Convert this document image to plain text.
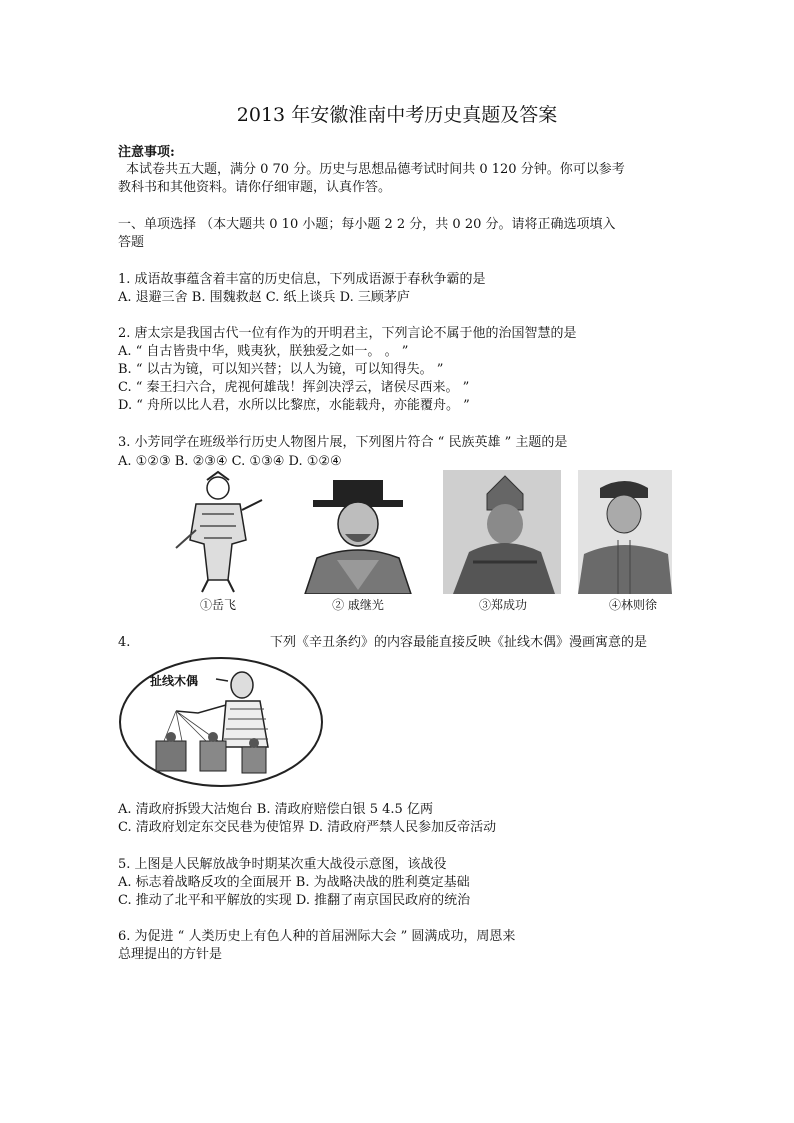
2013 年安徽淮南中考历史真题及答案
注意事项:
本试卷共五大题，满分 0 70 分。历史与思想品德考试时间共 0 120 分钟。你可以参考
教科书和其他资料。请你仔细审题，认真作答。
一、单项选择 （本大题共 0 10 小题；每小题 2 2 分，共 0 20 分。请将正确选项填入
答题
1. 成语故事蕴含着丰富的历史信息，下列成语源于春秋争霸的是
A. 退避三舍 B. 围魏救赵 C. 纸上谈兵 D. 三顾茅庐
2. 唐太宗是我国古代一位有作为的开明君主，下列言论不属于他的治国智慧的是
A. “ 自古皆贵中华，贱夷狄，朕独爱之如一。 。 ”
B. “ 以古为镜，可以知兴替；以人为镜，可以知得失。 ”
C. “ 秦王扫六合，虎视何雄哉！挥剑决浮云，诸侯尽西来。 ”
D. “ 舟所以比人君，水所以比黎庶，水能载舟，亦能覆舟。 ”
3. 小芳同学在班级举行历史人物图片展，下列图片符合 “ 民族英雄 ” 主题的是
A. ①②③ B. ②③④ C. ①③④ D. ①②④
①岳飞	② 戚继光	③郑成功	④林则徐
4.	下列《辛丑条约》的内容最能直接反映《扯线木偶》漫画寓意的是
扯线木偶
A. 清政府拆毁大沽炮台 B. 清政府赔偿白银 5 4.5 亿两
C. 清政府划定东交民巷为使馆界 D. 清政府严禁人民参加反帝活动
5. 上图是人民解放战争时期某次重大战役示意图，该战役
A. 标志着战略反攻的全面展开 B. 为战略决战的胜利奠定基础
C. 推动了北平和平解放的实现 D. 推翻了南京国民政府的统治
6. 为促进 “ 人类历史上有色人种的首届洲际大会 ” 圆满成功，周恩来
总理提出的方针是
